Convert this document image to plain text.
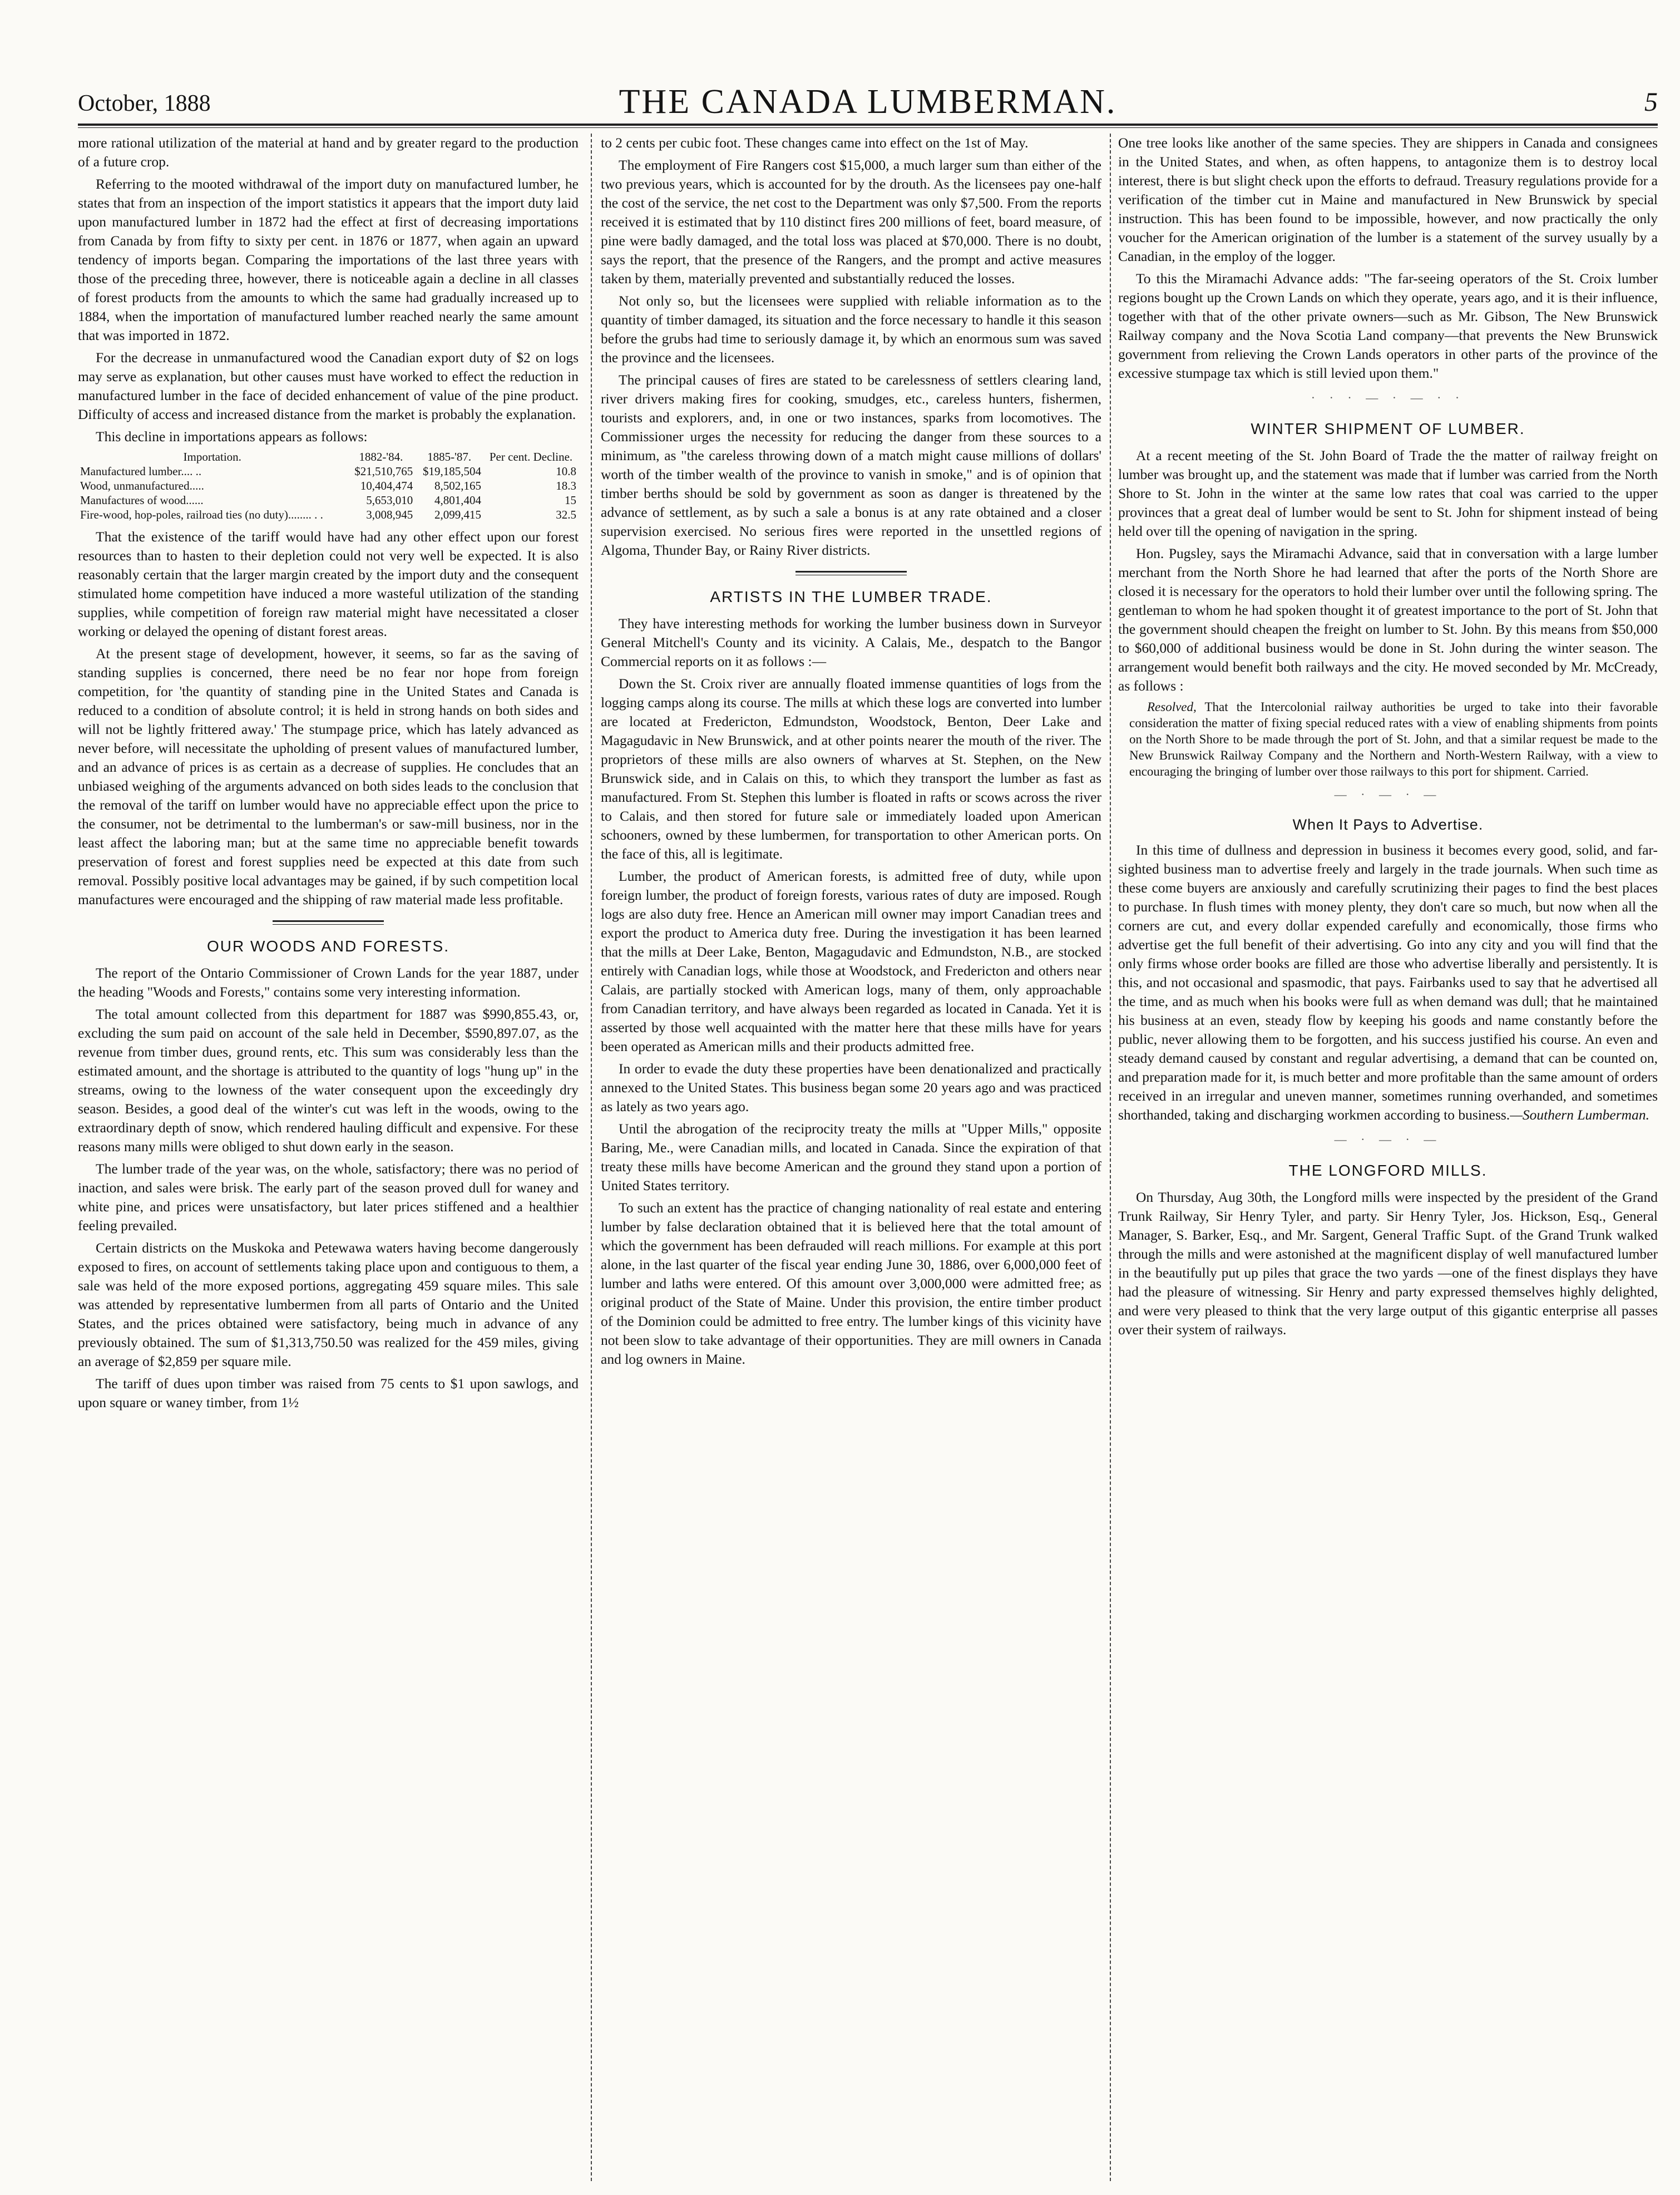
October, 1888	THE CANADA LUMBERMAN.	5

more rational utilization of the material at hand and by greater regard to the production of a future crop.

Referring to the mooted withdrawal of the import duty on manufactured lumber, he states that from an inspection of the import statistics it appears that the import duty laid upon manufactured lumber in 1872 had the effect at first of decreasing importations from Canada by from fifty to sixty per cent. in 1876 or 1877, when again an upward tendency of imports began. Comparing the importations of the last three years with those of the preceding three, however, there is noticeable again a decline in all classes of forest products from the amounts to which the same had gradually increased up to 1884, when the importation of manufactured lumber reached nearly the same amount that was imported in 1872.

For the decrease in unmanufactured wood the Canadian export duty of $2 on logs may serve as explanation, but other causes must have worked to effect the reduction in manufactured lumber in the face of decided enhancement of value of the pine product. Difficulty of access and increased distance from the market is probably the explanation.

This decline in importations appears as follows:

Importation.	1882-'84.	1885-'87.	Per cent. Decline.
Manufactured lumber.... ..	$21,510,765	$19,185,504	10.8
Wood, unmanufactured.....	10,404,474	8,502,165	18.3
Manufactures of wood......	5,653,010	4,801,404	15
Fire-wood, hop-poles, railroad ties (no duty)........ . .	3,008,945	2,099,415	32.5

That the existence of the tariff would have had any other effect upon our forest resources than to hasten to their depletion could not very well be expected. It is also reasonably certain that the larger margin created by the import duty and the consequent stimulated home competition have induced a more wasteful utilization of the standing supplies, while competition of foreign raw material might have necessitated a closer working or delayed the opening of distant forest areas.

At the present stage of development, however, it seems, so far as the saving of standing supplies is concerned, there need be no fear nor hope from foreign competition, for 'the quantity of standing pine in the United States and Canada is reduced to a condition of absolute control; it is held in strong hands on both sides and will not be lightly frittered away.' The stumpage price, which has lately advanced as never before, will necessitate the upholding of present values of manufactured lumber, and an advance of prices is as certain as a decrease of supplies. He concludes that an unbiased weighing of the arguments advanced on both sides leads to the conclusion that the removal of the tariff on lumber would have no appreciable effect upon the price to the consumer, not be detrimental to the lumberman's or saw-mill business, nor in the least affect the laboring man; but at the same time no appreciable benefit towards preservation of forest and forest supplies need be expected at this date from such removal. Possibly positive local advantages may be gained, if by such competition local manufactures were encouraged and the shipping of raw material made less profitable.

OUR WOODS AND FORESTS.

The report of the Ontario Commissioner of Crown Lands for the year 1887, under the heading "Woods and Forests," contains some very interesting information.

The total amount collected from this department for 1887 was $990,855.43, or, excluding the sum paid on account of the sale held in December, $590,897.07, as the revenue from timber dues, ground rents, etc. This sum was considerably less than the estimated amount, and the shortage is attributed to the quantity of logs "hung up" in the streams, owing to the lowness of the water consequent upon the exceedingly dry season. Besides, a good deal of the winter's cut was left in the woods, owing to the extraordinary depth of snow, which rendered hauling difficult and expensive. For these reasons many mills were obliged to shut down early in the season.

The lumber trade of the year was, on the whole, satisfactory; there was no period of inaction, and sales were brisk. The early part of the season proved dull for waney and white pine, and prices were unsatisfactory, but later prices stiffened and a healthier feeling prevailed.

Certain districts on the Muskoka and Petewawa waters having become dangerously exposed to fires, on account of settlements taking place upon and contiguous to them, a sale was held of the more exposed portions, aggregating 459 square miles. This sale was attended by representative lumbermen from all parts of Ontario and the United States, and the prices obtained were satisfactory, being much in advance of any previously obtained. The sum of $1,313,750.50 was realized for the 459 miles, giving an average of $2,859 per square mile.

The tariff of dues upon timber was raised from 75 cents to $1 upon sawlogs, and upon square or waney timber, from 1½

to 2 cents per cubic foot. These changes came into effect on the 1st of May.

The employment of Fire Rangers cost $15,000, a much larger sum than either of the two previous years, which is accounted for by the drouth. As the licensees pay one-half the cost of the service, the net cost to the Department was only $7,500. From the reports received it is estimated that by 110 distinct fires 200 millions of feet, board measure, of pine were badly damaged, and the total loss was placed at $70,000. There is no doubt, says the report, that the presence of the Rangers, and the prompt and active measures taken by them, materially prevented and substantially reduced the losses.

Not only so, but the licensees were supplied with reliable information as to the quantity of timber damaged, its situation and the force necessary to handle it this season before the grubs had time to seriously damage it, by which an enormous sum was saved the province and the licensees.

The principal causes of fires are stated to be carelessness of settlers clearing land, river drivers making fires for cooking, smudges, etc., careless hunters, fishermen, tourists and explorers, and, in one or two instances, sparks from locomotives. The Commissioner urges the necessity for reducing the danger from these sources to a minimum, as "the careless throwing down of a match might cause millions of dollars' worth of the timber wealth of the province to vanish in smoke," and is of opinion that timber berths should be sold by government as soon as danger is threatened by the advance of settlement, as by such a sale a bonus is at any rate obtained and a closer supervision exercised. No serious fires were reported in the unsettled regions of Algoma, Thunder Bay, or Rainy River districts.

ARTISTS IN THE LUMBER TRADE.

They have interesting methods for working the lumber business down in Surveyor General Mitchell's County and its vicinity. A Calais, Me., despatch to the Bangor Commercial reports on it as follows :—

Down the St. Croix river are annually floated immense quantities of logs from the logging camps along its course. The mills at which these logs are converted into lumber are located at Fredericton, Edmundston, Woodstock, Benton, Deer Lake and Magagudavic in New Brunswick, and at other points nearer the mouth of the river. The proprietors of these mills are also owners of wharves at St. Stephen, on the New Brunswick side, and in Calais on this, to which they transport the lumber as fast as manufactured. From St. Stephen this lumber is floated in rafts or scows across the river to Calais, and then stored for future sale or immediately loaded upon American schooners, owned by these lumbermen, for transportation to other American ports. On the face of this, all is legitimate.

Lumber, the product of American forests, is admitted free of duty, while upon foreign lumber, the product of foreign forests, various rates of duty are imposed. Rough logs are also duty free. Hence an American mill owner may import Canadian trees and export the product to America duty free. During the investigation it has been learned that the mills at Deer Lake, Benton, Magagudavic and Edmundston, N.B., are stocked entirely with Canadian logs, while those at Woodstock, and Fredericton and others near Calais, are partially stocked with American logs, many of them, only approachable from Canadian territory, and have always been regarded as located in Canada. Yet it is asserted by those well acquainted with the matter here that these mills have for years been operated as American mills and their products admitted free.

In order to evade the duty these properties have been denationalized and practically annexed to the United States. This business began some 20 years ago and was practiced as lately as two years ago.

Until the abrogation of the reciprocity treaty the mills at "Upper Mills," opposite Baring, Me., were Canadian mills, and located in Canada. Since the expiration of that treaty these mills have become American and the ground they stand upon a portion of United States territory.

To such an extent has the practice of changing nationality of real estate and entering lumber by false declaration obtained that it is believed here that the total amount of which the government has been defrauded will reach millions. For example at this port alone, in the last quarter of the fiscal year ending June 30, 1886, over 6,000,000 feet of lumber and laths were entered. Of this amount over 3,000,000 were admitted free; as original product of the State of Maine. Under this provision, the entire timber product of the Dominion could be admitted to free entry. The lumber kings of this vicinity have not been slow to take advantage of their opportunities. They are mill owners in Canada and log owners in Maine.

One tree looks like another of the same species. They are shippers in Canada and consignees in the United States, and when, as often happens, to antagonize them is to destroy local interest, there is but slight check upon the efforts to defraud. Treasury regulations provide for a verification of the timber cut in Maine and manufactured in New Brunswick by special instruction. This has been found to be impossible, however, and now practically the only voucher for the American origination of the lumber is a statement of the survey usually by a Canadian, in the employ of the logger.

To this the Miramachi Advance adds: "The far-seeing operators of the St. Croix lumber regions bought up the Crown Lands on which they operate, years ago, and it is their influence, together with that of the other private owners—such as Mr. Gibson, The New Brunswick Railway company and the Nova Scotia Land company—that prevents the New Brunswick government from relieving the Crown Lands operators in other parts of the province of the excessive stumpage tax which is still levied upon them."

· · · — · — · ·
WINTER SHIPMENT OF LUMBER.

At a recent meeting of the St. John Board of Trade the the matter of railway freight on lumber was brought up, and the statement was made that if lumber was carried from the North Shore to St. John in the winter at the same low rates that coal was carried to the upper provinces that a great deal of lumber would be sent to St. John for shipment instead of being held over till the opening of navigation in the spring.

Hon. Pugsley, says the Miramachi Advance, said that in conversation with a large lumber merchant from the North Shore he had learned that after the ports of the North Shore are closed it is necessary for the operators to hold their lumber over until the following spring. The gentleman to whom he had spoken thought it of greatest importance to the port of St. John that the government should cheapen the freight on lumber to St. John. By this means from $50,000 to $60,000 of additional business would be done in St. John during the winter season. The arrangement would benefit both railways and the city. He moved seconded by Mr. McCready, as follows :

Resolved, That the Intercolonial railway authorities be urged to take into their favorable consideration the matter of fixing special reduced rates with a view of enabling shipments from points on the North Shore to be made through the port of St. John, and that a similar request be made to the New Brunswick Railway Company and the Northern and North-Western Railway, with a view to encouraging the bringing of lumber over those railways to this port for shipment. Carried.

— · — · —
When It Pays to Advertise.

In this time of dullness and depression in business it becomes every good, solid, and far-sighted business man to advertise freely and largely in the trade journals. When such time as these come buyers are anxiously and carefully scrutinizing their pages to find the best places to purchase. In flush times with money plenty, they don't care so much, but now when all the corners are cut, and every dollar expended carefully and economically, those firms who advertise get the full benefit of their advertising. Go into any city and you will find that the only firms whose order books are filled are those who advertise liberally and persistently. It is this, and not occasional and spasmodic, that pays. Fairbanks used to say that he advertised all the time, and as much when his books were full as when demand was dull; that he maintained his business at an even, steady flow by keeping his goods and name constantly before the public, never allowing them to be forgotten, and his success justified his course. An even and steady demand caused by constant and regular advertising, a demand that can be counted on, and preparation made for it, is much better and more profitable than the same amount of orders received in an irregular and uneven manner, sometimes running overhanded, and sometimes shorthanded, taking and discharging workmen according to business.—Southern Lumberman.

— · — · —
THE LONGFORD MILLS.

On Thursday, Aug 30th, the Longford mills were inspected by the president of the Grand Trunk Railway, Sir Henry Tyler, and party. Sir Henry Tyler, Jos. Hickson, Esq., General Manager, S. Barker, Esq., and Mr. Sargent, General Traffic Supt. of the Grand Trunk walked through the mills and were astonished at the magnificent display of well manufactured lumber in the beautifully put up piles that grace the two yards —one of the finest displays they have had the pleasure of witnessing. Sir Henry and party expressed themselves highly delighted, and were very pleased to think that the very large output of this gigantic enterprise all passes over their system of railways.
